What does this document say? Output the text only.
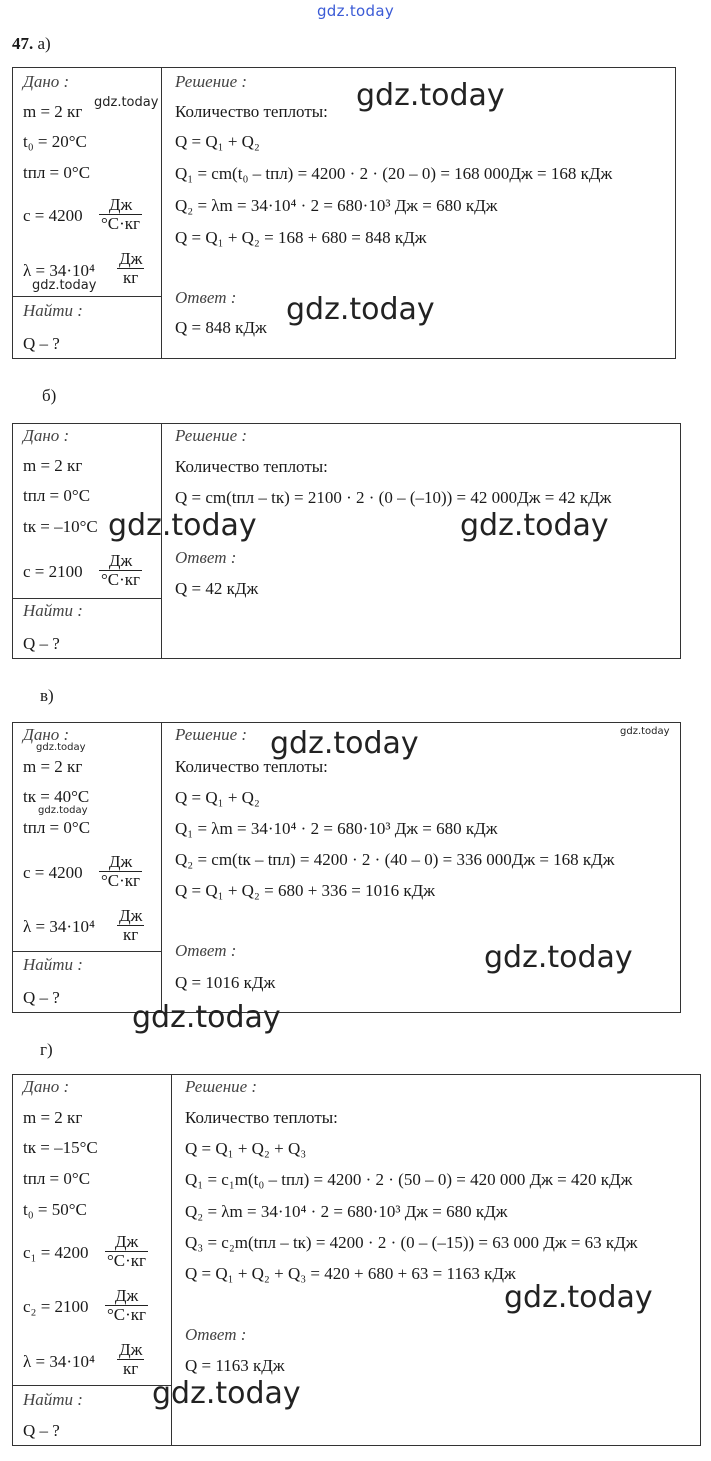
gdz.today
47. а)
Дано :
m = 2 кг
t₀ = 20°C
tпл = 0°C
c = 4200
Дж
°С·кг
λ = 34·10⁴
Дж
кг
Найти :
Q – ?
Решение :
Количество теплоты:
Q = Q₁ + Q₂
Q₁ = cm(t₀ – tпл) = 4200 · 2 · (20 – 0) = 168 000Дж = 168 кДж
Q₂ = λm = 34·10⁴ · 2 = 680·10³ Дж = 680 кДж
Q = Q₁ + Q₂ = 168 + 680 = 848 кДж
Ответ :
Q = 848 кДж
б)
Дано :
m = 2 кг
tпл = 0°C
tк = –10°C
c = 2100
Дж
°С·кг
Найти :
Q – ?
Решение :
Количество теплоты:
Q = cm(tпл – tк) = 2100 · 2 · (0 – (–10)) = 42 000Дж = 42 кДж
Ответ :
Q = 42 кДж
в)
Дано :
m = 2 кг
tк = 40°C
tпл = 0°C
c = 4200
Дж
°С·кг
λ = 34·10⁴
Дж
кг
Найти :
Q – ?
Решение :
Количество теплоты:
Q = Q₁ + Q₂
Q₁ = λm = 34·10⁴ · 2 = 680·10³ Дж = 680 кДж
Q₂ = cm(tк – tпл) = 4200 · 2 · (40 – 0) = 336 000Дж = 168 кДж
Q = Q₁ + Q₂ = 680 + 336 = 1016 кДж
Ответ :
Q = 1016 кДж
г)
Дано :
m = 2 кг
tк = –15°C
tпл = 0°C
t₀ = 50°C
c₁ = 4200
Дж
°С·кг
c₂ = 2100
Дж
°С·кг
λ = 34·10⁴
Дж
кг
Найти :
Q – ?
Решение :
Количество теплоты:
Q = Q₁ + Q₂ + Q₃
Q₁ = c₁m(t₀ – tпл) = 4200 · 2 · (50 – 0) = 420 000 Дж = 420 кДж
Q₂ = λm = 34·10⁴ · 2 = 680·10³ Дж = 680 кДж
Q₃ = c₂m(tпл – tк) = 4200 · 2 · (0 – (–15)) = 63 000 Дж = 63 кДж
Q = Q₁ + Q₂ + Q₃ = 420 + 680 + 63 = 1163 кДж
Ответ :
Q = 1163 кДж
gdz.today
gdz.today
gdz.today
gdz.today
gdz.today	gdz.today
gdz.today
gdz.today
gdz.today
gdz.today
gdz.today
gdz.today
gdz.today
gdz.today
